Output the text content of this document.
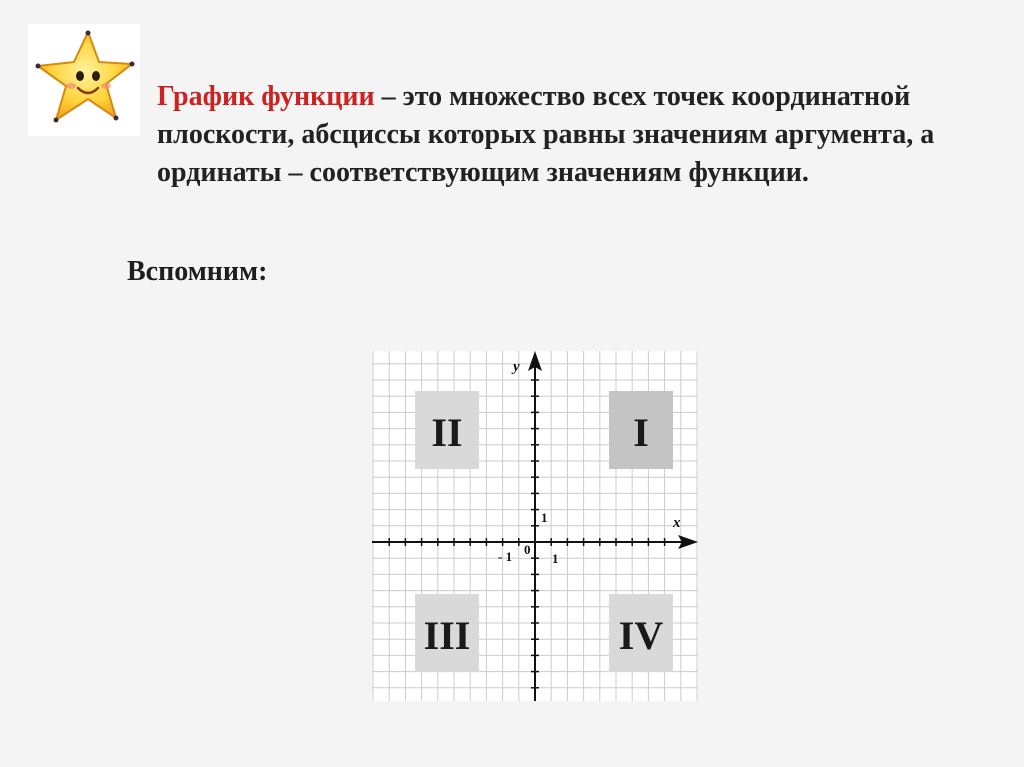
График функции – это множество всех точек координатной плоскости, абсциссы которых равны значениям аргумента, а ординаты – соответствующим значениям функции.
Вспомним:
II	I
III	IV
x
y
0
1
- 1
1
